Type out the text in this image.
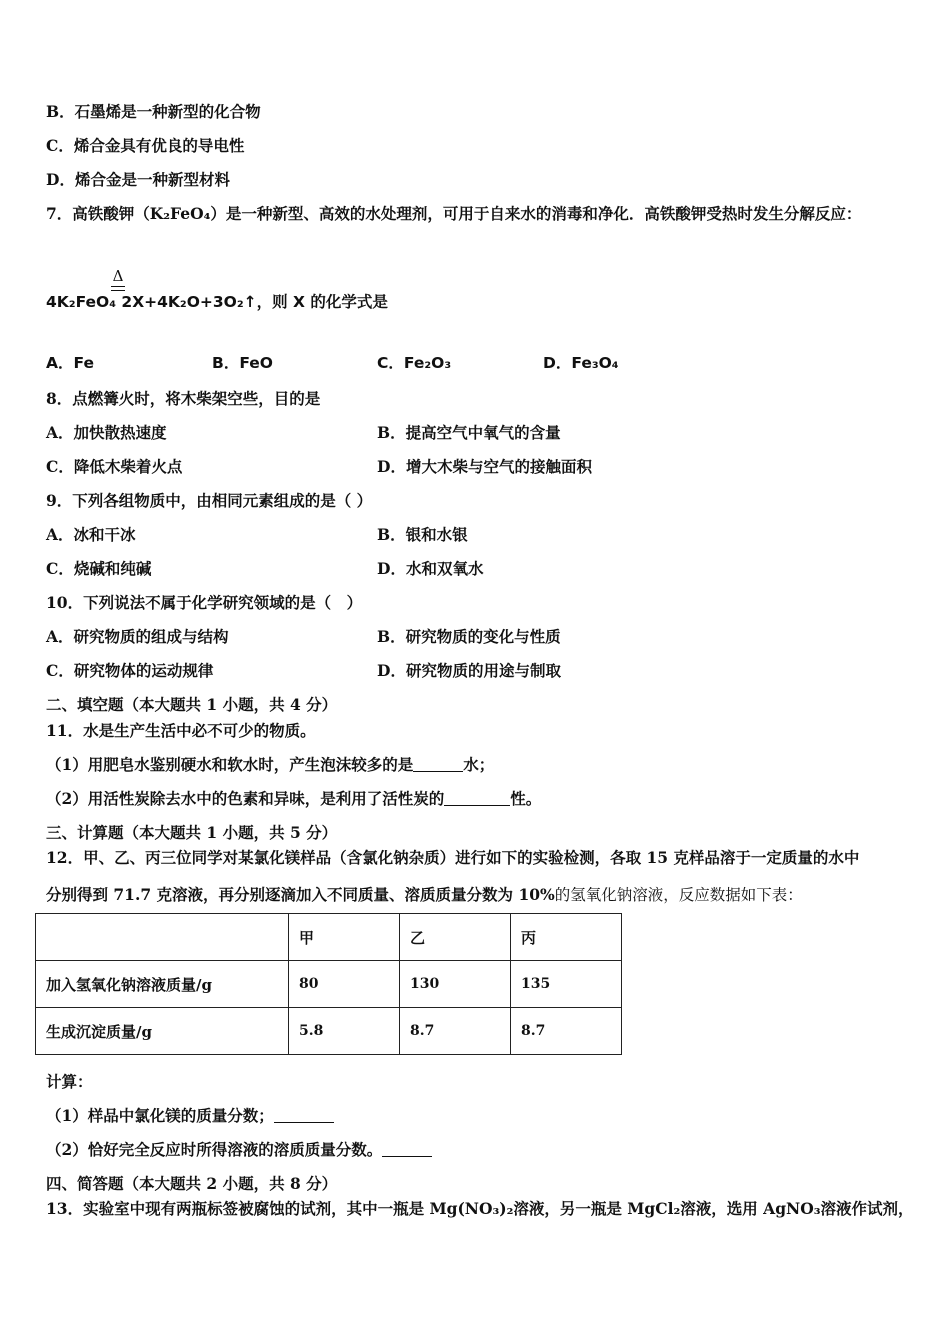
B．石墨烯是一种新型的化合物
C．烯合金具有优良的导电性
D．烯合金是一种新型材料
7．高铁酸钾（K₂FeO₄）是一种新型、高效的水处理剂，可用于自来水的消毒和净化．高铁酸钾受热时发生分解反应：
Δ
4K₂FeO₄ 2X+4K₂O+3O₂↑，则 X 的化学式是
A．Fe	B．FeO	C．Fe₂O₃	D．Fe₃O₄
8．点燃篝火时，将木柴架空些，目的是
A．加快散热速度	B．提高空气中氧气的含量
C．降低木柴着火点	D．增大木柴与空气的接触面积
9．下列各组物质中，由相同元素组成的是（ ）
A．冰和干冰	B．银和水银
C．烧碱和纯碱	D．水和双氧水
10．下列说法不属于化学研究领域的是（　）
A．研究物质的组成与结构	B．研究物质的变化与性质
C．研究物体的运动规律	D．研究物质的用途与制取
二、填空题（本大题共 1 小题，共 4 分）
11．水是生产生活中必不可少的物质。
（1）用肥皂水鉴别硬水和软水时，产生泡沫较多的是	水；
（2）用活性炭除去水中的色素和异味，是利用了活性炭的	性。
三、计算题（本大题共 1 小题，共 5 分）
12．甲、乙、丙三位同学对某氯化镁样品（含氯化钠杂质）进行如下的实验检测，各取 15 克样品溶于一定质量的水中
分别得到 71.7 克溶液，再分别逐滴加入不同质量、溶质质量分数为 10%的氢氧化钠溶液，反应数据如下表：
	甲	乙	丙
加入氢氧化钠溶液质量/g	80	130	135
生成沉淀质量/g	5.8	8.7	8.7
计算：
（1）样品中氯化镁的质量分数；
（2）恰好完全反应时所得溶液的溶质质量分数。
四、简答题（本大题共 2 小题，共 8 分）
13．实验室中现有两瓶标签被腐蚀的试剂，其中一瓶是 Mg(NO₃)₂溶液，另一瓶是 MgCl₂溶液，选用 AgNO₃溶液作试剂，
